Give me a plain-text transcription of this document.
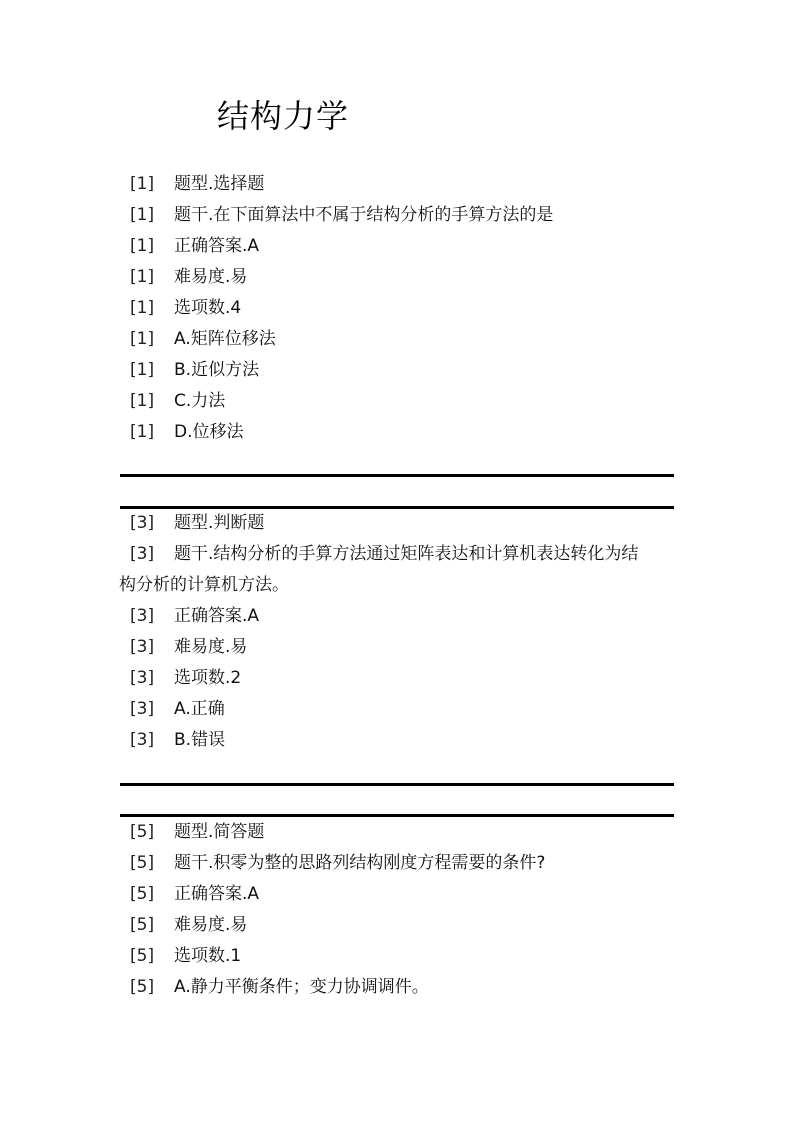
结构力学
[1] 题型.选择题
[1] 题干.在下面算法中不属于结构分析的手算方法的是
[1] 正确答案.A
[1] 难易度.易
[1] 选项数.4
[1] A.矩阵位移法
[1] B.近似方法
[1] C.力法
[1] D.位移法
[3] 题型.判断题
[3] 题干.结构分析的手算方法通过矩阵表达和计算机表达转化为结
构分析的计算机方法。
[3] 正确答案.A
[3] 难易度.易
[3] 选项数.2
[3] A.正确
[3] B.错误
[5] 题型.简答题
[5] 题干.积零为整的思路列结构刚度方程需要的条件?
[5] 正确答案.A
[5] 难易度.易
[5] 选项数.1
[5] A.静力平衡条件；变力协调调件。
